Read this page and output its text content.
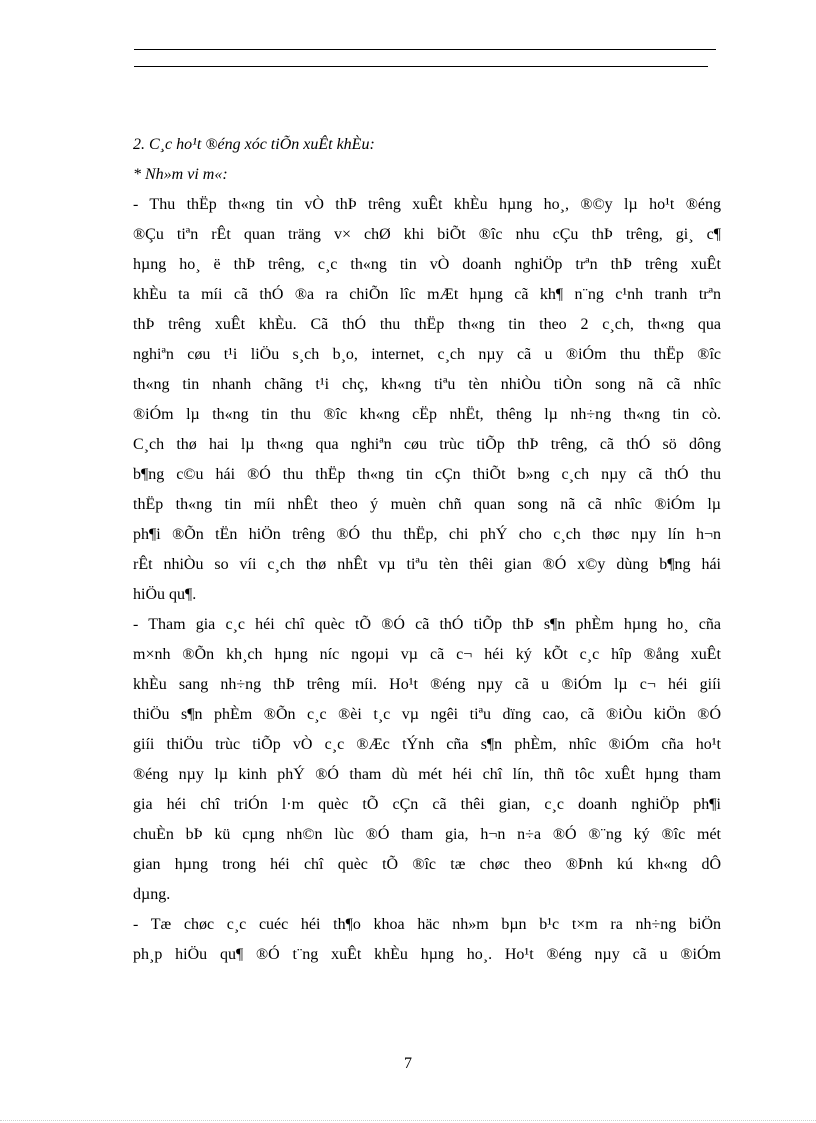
2. C¸c ho¹t ®éng xóc tiÕn xuÊt khÈu:
* Nh»m vi m«:
- Thu thËp th«ng tin vÒ thÞ trêng xuÊt khÈu hµng ho¸, ®©y lµ ho¹t ®éng
®Çu tiªn rÊt quan träng v× chØ khi biÕt ®îc nhu cÇu thÞ trêng, gi¸ c¶
hµng ho¸ ë thÞ trêng, c¸c th«ng tin vÒ doanh nghiÖp trªn thÞ trêng xuÊt
khÈu ta míi cã thÓ ®a ra chiÕn lîc mÆt hµng cã kh¶ n¨ng c¹nh tranh trªn
thÞ trêng xuÊt khÈu. Cã thÓ thu thËp th«ng tin theo 2 c¸ch, th«ng qua
nghiªn cøu t¹i liÖu s¸ch b¸o, internet, c¸ch nµy cã u ®iÓm thu thËp ®îc
th«ng tin nhanh chãng t¹i chç, kh«ng tiªu tèn nhiÒu tiÒn song nã cã nhîc
®iÓm lµ th«ng tin thu ®îc kh«ng cËp nhËt, thêng lµ nh÷ng th«ng tin cò.
C¸ch thø hai lµ th«ng qua nghiªn cøu trùc tiÕp thÞ trêng, cã thÓ sö dông
b¶ng c©u hái ®Ó thu thËp th«ng tin cÇn thiÕt b»ng c¸ch nµy cã thÓ thu
thËp th«ng tin míi nhÊt theo ý muèn chñ quan song nã cã nhîc ®iÓm lµ
ph¶i ®Õn tËn hiÖn trêng ®Ó thu thËp, chi phÝ cho c¸ch thøc nµy lín h¬n
rÊt nhiÒu so víi c¸ch thø nhÊt vµ tiªu tèn thêi gian ®Ó x©y dùng b¶ng hái
hiÖu qu¶.
- Tham gia c¸c héi chî quèc tÕ ®Ó cã thÓ tiÕp thÞ s¶n phÈm hµng ho¸ cña
m×nh ®Õn kh¸ch hµng níc ngoµi vµ cã c¬ héi ký kÕt c¸c hîp ®ång xuÊt
khÈu sang nh÷ng thÞ trêng míi. Ho¹t ®éng nµy cã u ®iÓm lµ c¬ héi giíi
thiÖu s¶n phÈm ®Õn c¸c ®èi t¸c vµ ngêi tiªu dïng cao, cã ®iÒu kiÖn ®Ó
giíi thiÖu trùc tiÕp vÒ c¸c ®Æc tÝnh cña s¶n phÈm, nhîc ®iÓm cña ho¹t
®éng nµy lµ kinh phÝ ®Ó tham dù mét héi chî lín, thñ tôc xuÊt hµng tham
gia héi chî triÓn l·m quèc tÕ cÇn cã thêi gian, c¸c doanh nghiÖp ph¶i
chuÈn bÞ kü cµng nh©n lùc ®Ó tham gia, h¬n n÷a ®Ó ®¨ng ký ®îc mét
gian hµng trong héi chî quèc tÕ ®îc tæ chøc theo ®Þnh kú kh«ng dÔ
dµng.
- Tæ chøc c¸c cuéc héi th¶o khoa häc nh»m bµn b¹c t×m ra nh÷ng biÖn
ph¸p hiÖu qu¶ ®Ó t¨ng xuÊt khÈu hµng ho¸. Ho¹t ®éng nµy cã u ®iÓm
7
